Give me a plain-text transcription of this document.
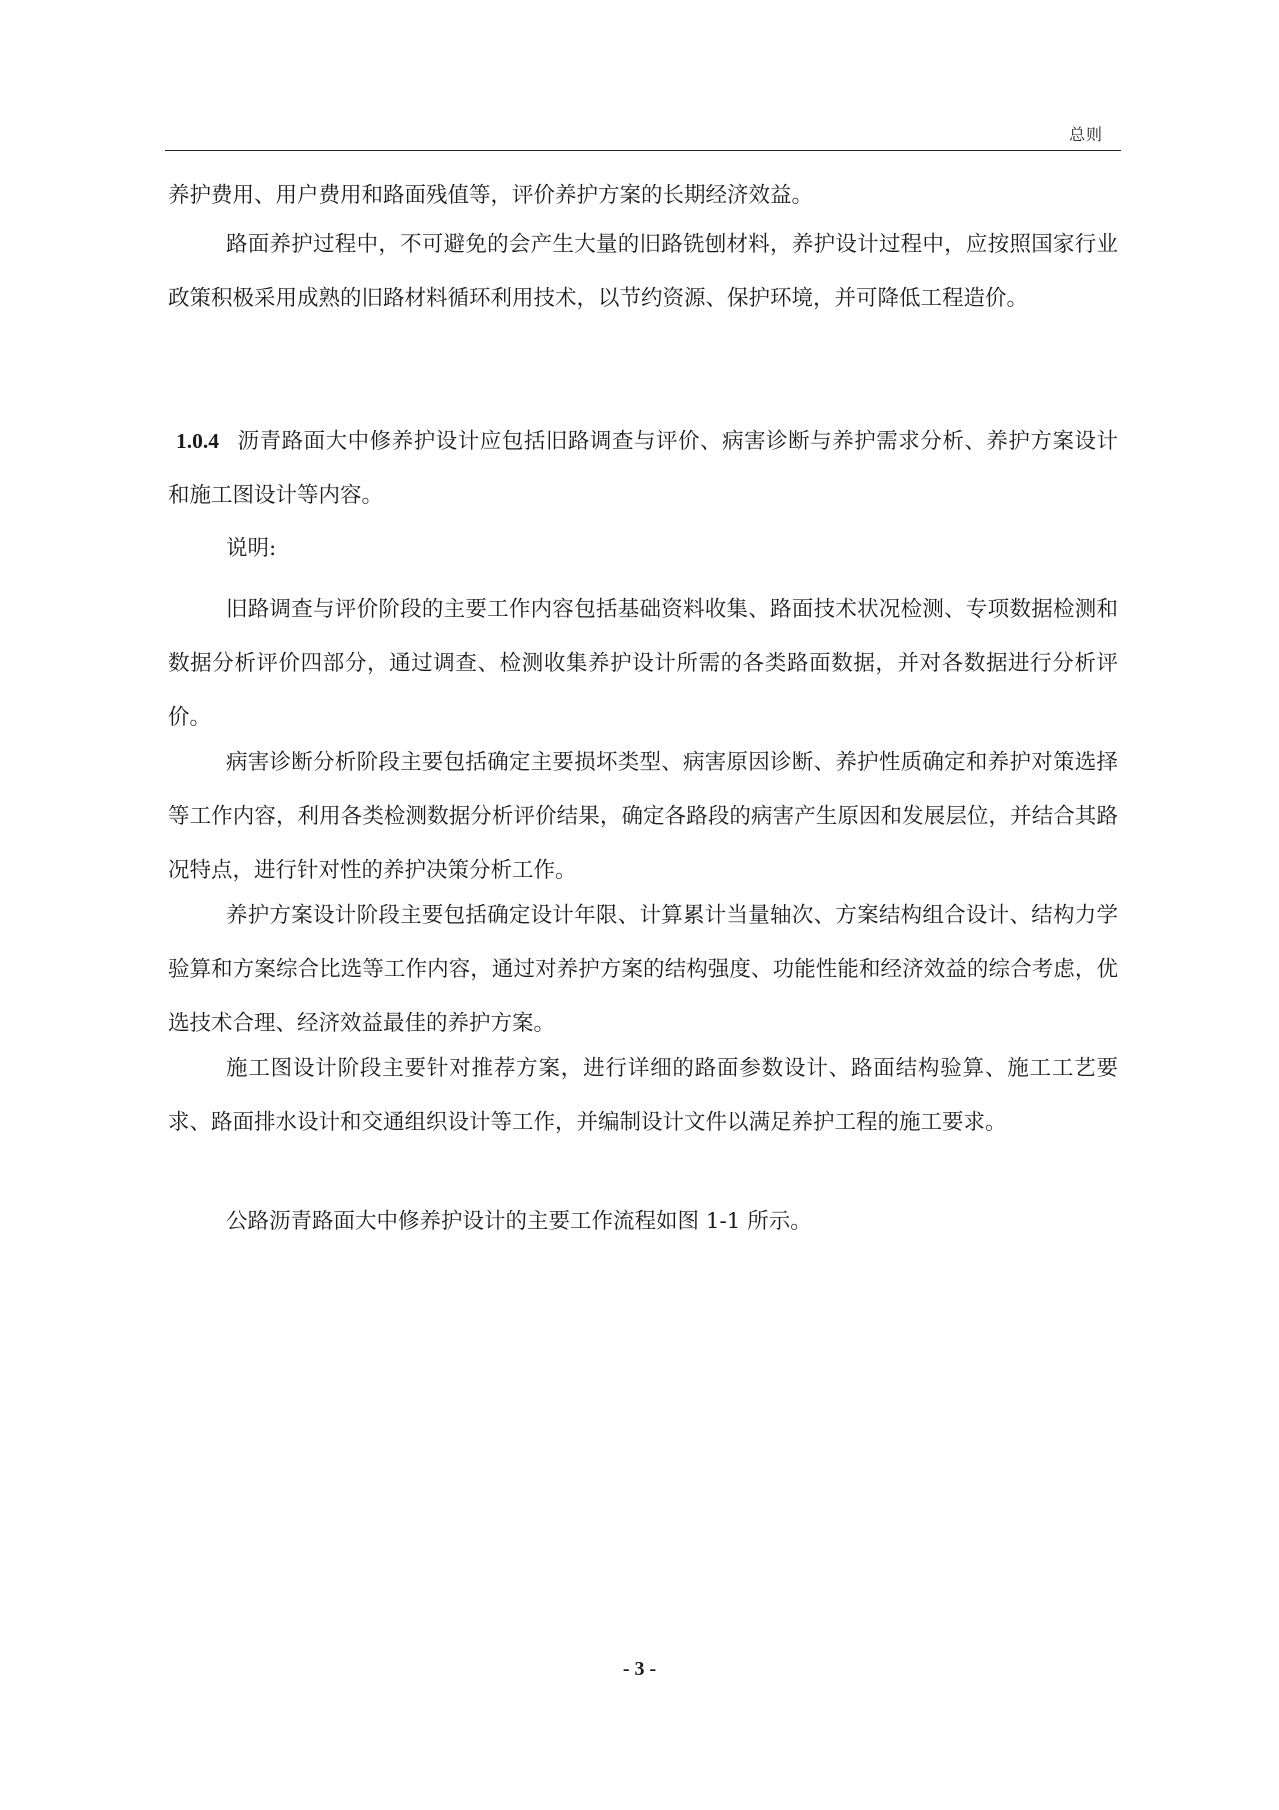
总则

养护费用、用户费用和路面残值等，评价养护方案的长期经济效益。

路面养护过程中，不可避免的会产生大量的旧路铣刨材料，养护设计过程中，应按照国家行业政策积极采用成熟的旧路材料循环利用技术，以节约资源、保护环境，并可降低工程造价。

1.0.4 沥青路面大中修养护设计应包括旧路调查与评价、病害诊断与养护需求分析、养护方案设计和施工图设计等内容。

说明:

旧路调查与评价阶段的主要工作内容包括基础资料收集、路面技术状况检测、专项数据检测和数据分析评价四部分，通过调查、检测收集养护设计所需的各类路面数据，并对各数据进行分析评价。

病害诊断分析阶段主要包括确定主要损坏类型、病害原因诊断、养护性质确定和养护对策选择等工作内容，利用各类检测数据分析评价结果，确定各路段的病害产生原因和发展层位，并结合其路况特点，进行针对性的养护决策分析工作。

养护方案设计阶段主要包括确定设计年限、计算累计当量轴次、方案结构组合设计、结构力学验算和方案综合比选等工作内容，通过对养护方案的结构强度、功能性能和经济效益的综合考虑，优选技术合理、经济效益最佳的养护方案。

施工图设计阶段主要针对推荐方案，进行详细的路面参数设计、路面结构验算、施工工艺要求、路面排水设计和交通组织设计等工作，并编制设计文件以满足养护工程的施工要求。

公路沥青路面大中修养护设计的主要工作流程如图 1-1 所示。

- 3 -
